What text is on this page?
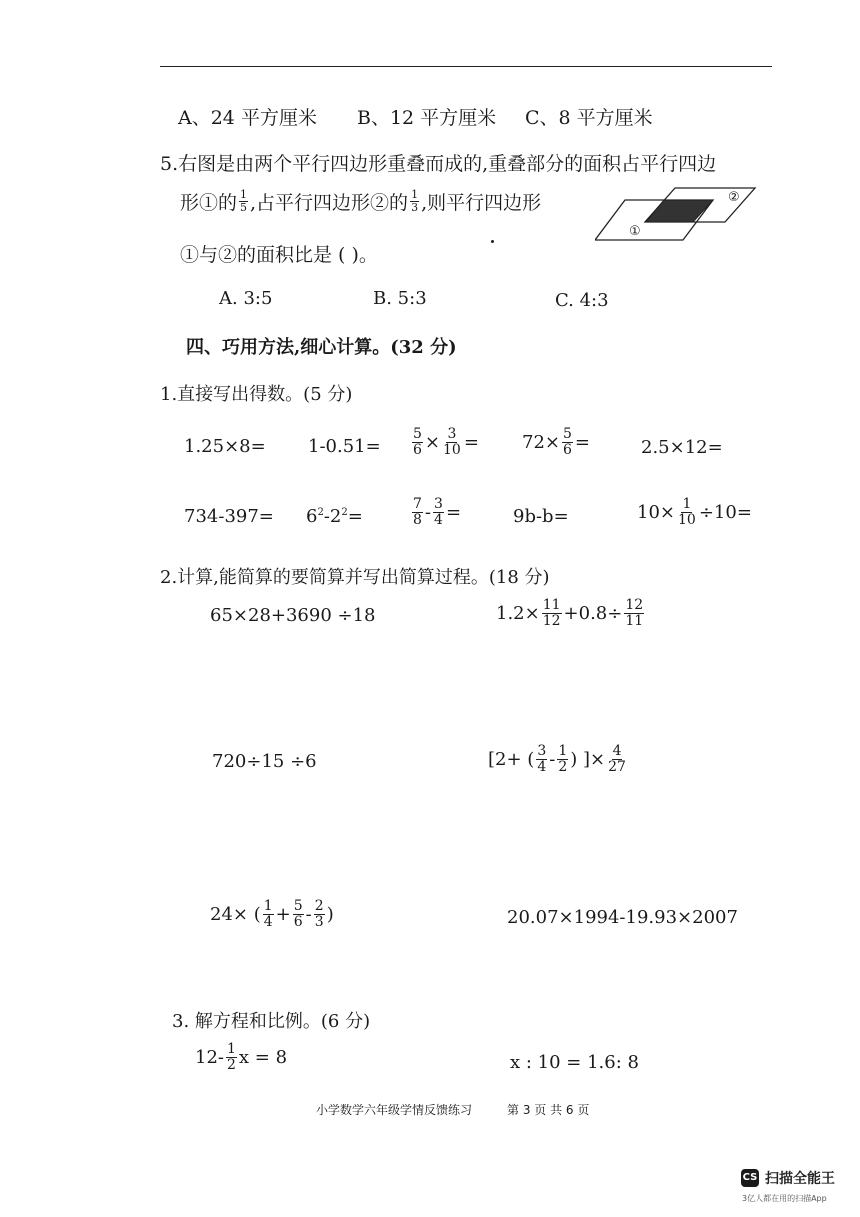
A、24 平方厘米 B、12 平方厘米 C、8 平方厘米
5.右图是由两个平行四边形重叠而成的,重叠部分的面积占平行四边
形①的 $\frac{1}{5}$ ,占平行四边形②的 $\frac{1}{3}$ ,则平行四边形
①与②的面积比是 ( )。
①
②
A. 3:5	B. 5:3	C. 4:3
四、巧用方法,细心计算。(32 分)
1.直接写出得数。(5 分)
$1.25\times 8= 1-0.51= \frac{5}{6} \times \frac{3}{10} = 72\times \frac{5}{6}$ =	2.5×12=
$734-397= 6^2-2^2=$	$\frac{7}{8} - \frac{3}{4}$ =	9b-b=	$10\times \frac{1}{10} \div 10=$
2.计算,能简算的要简算并写出简算过程。(18 分)
65×28+3690 ÷18	$1.2\times \frac{11}{12} +0.8\div \frac{12}{11}$
720÷15 ÷6	[2+ ( $\frac{3}{4} - \frac{1}{2}$ ) ]× $\frac{4}{27}$
24× ( $\frac{1}{4} + \frac{5}{6} - \frac{2}{3}$ )	20.07×1994-19.93×2007
3. 解方程和比例。(6 分)
$12- \frac{1}{2}$ x = 8	x : 10 = 1.6: 8
小学数学六年级学情反馈练习	第 3 页 共 6 页
CS 扫描全能王
3亿人都在用的扫描App
